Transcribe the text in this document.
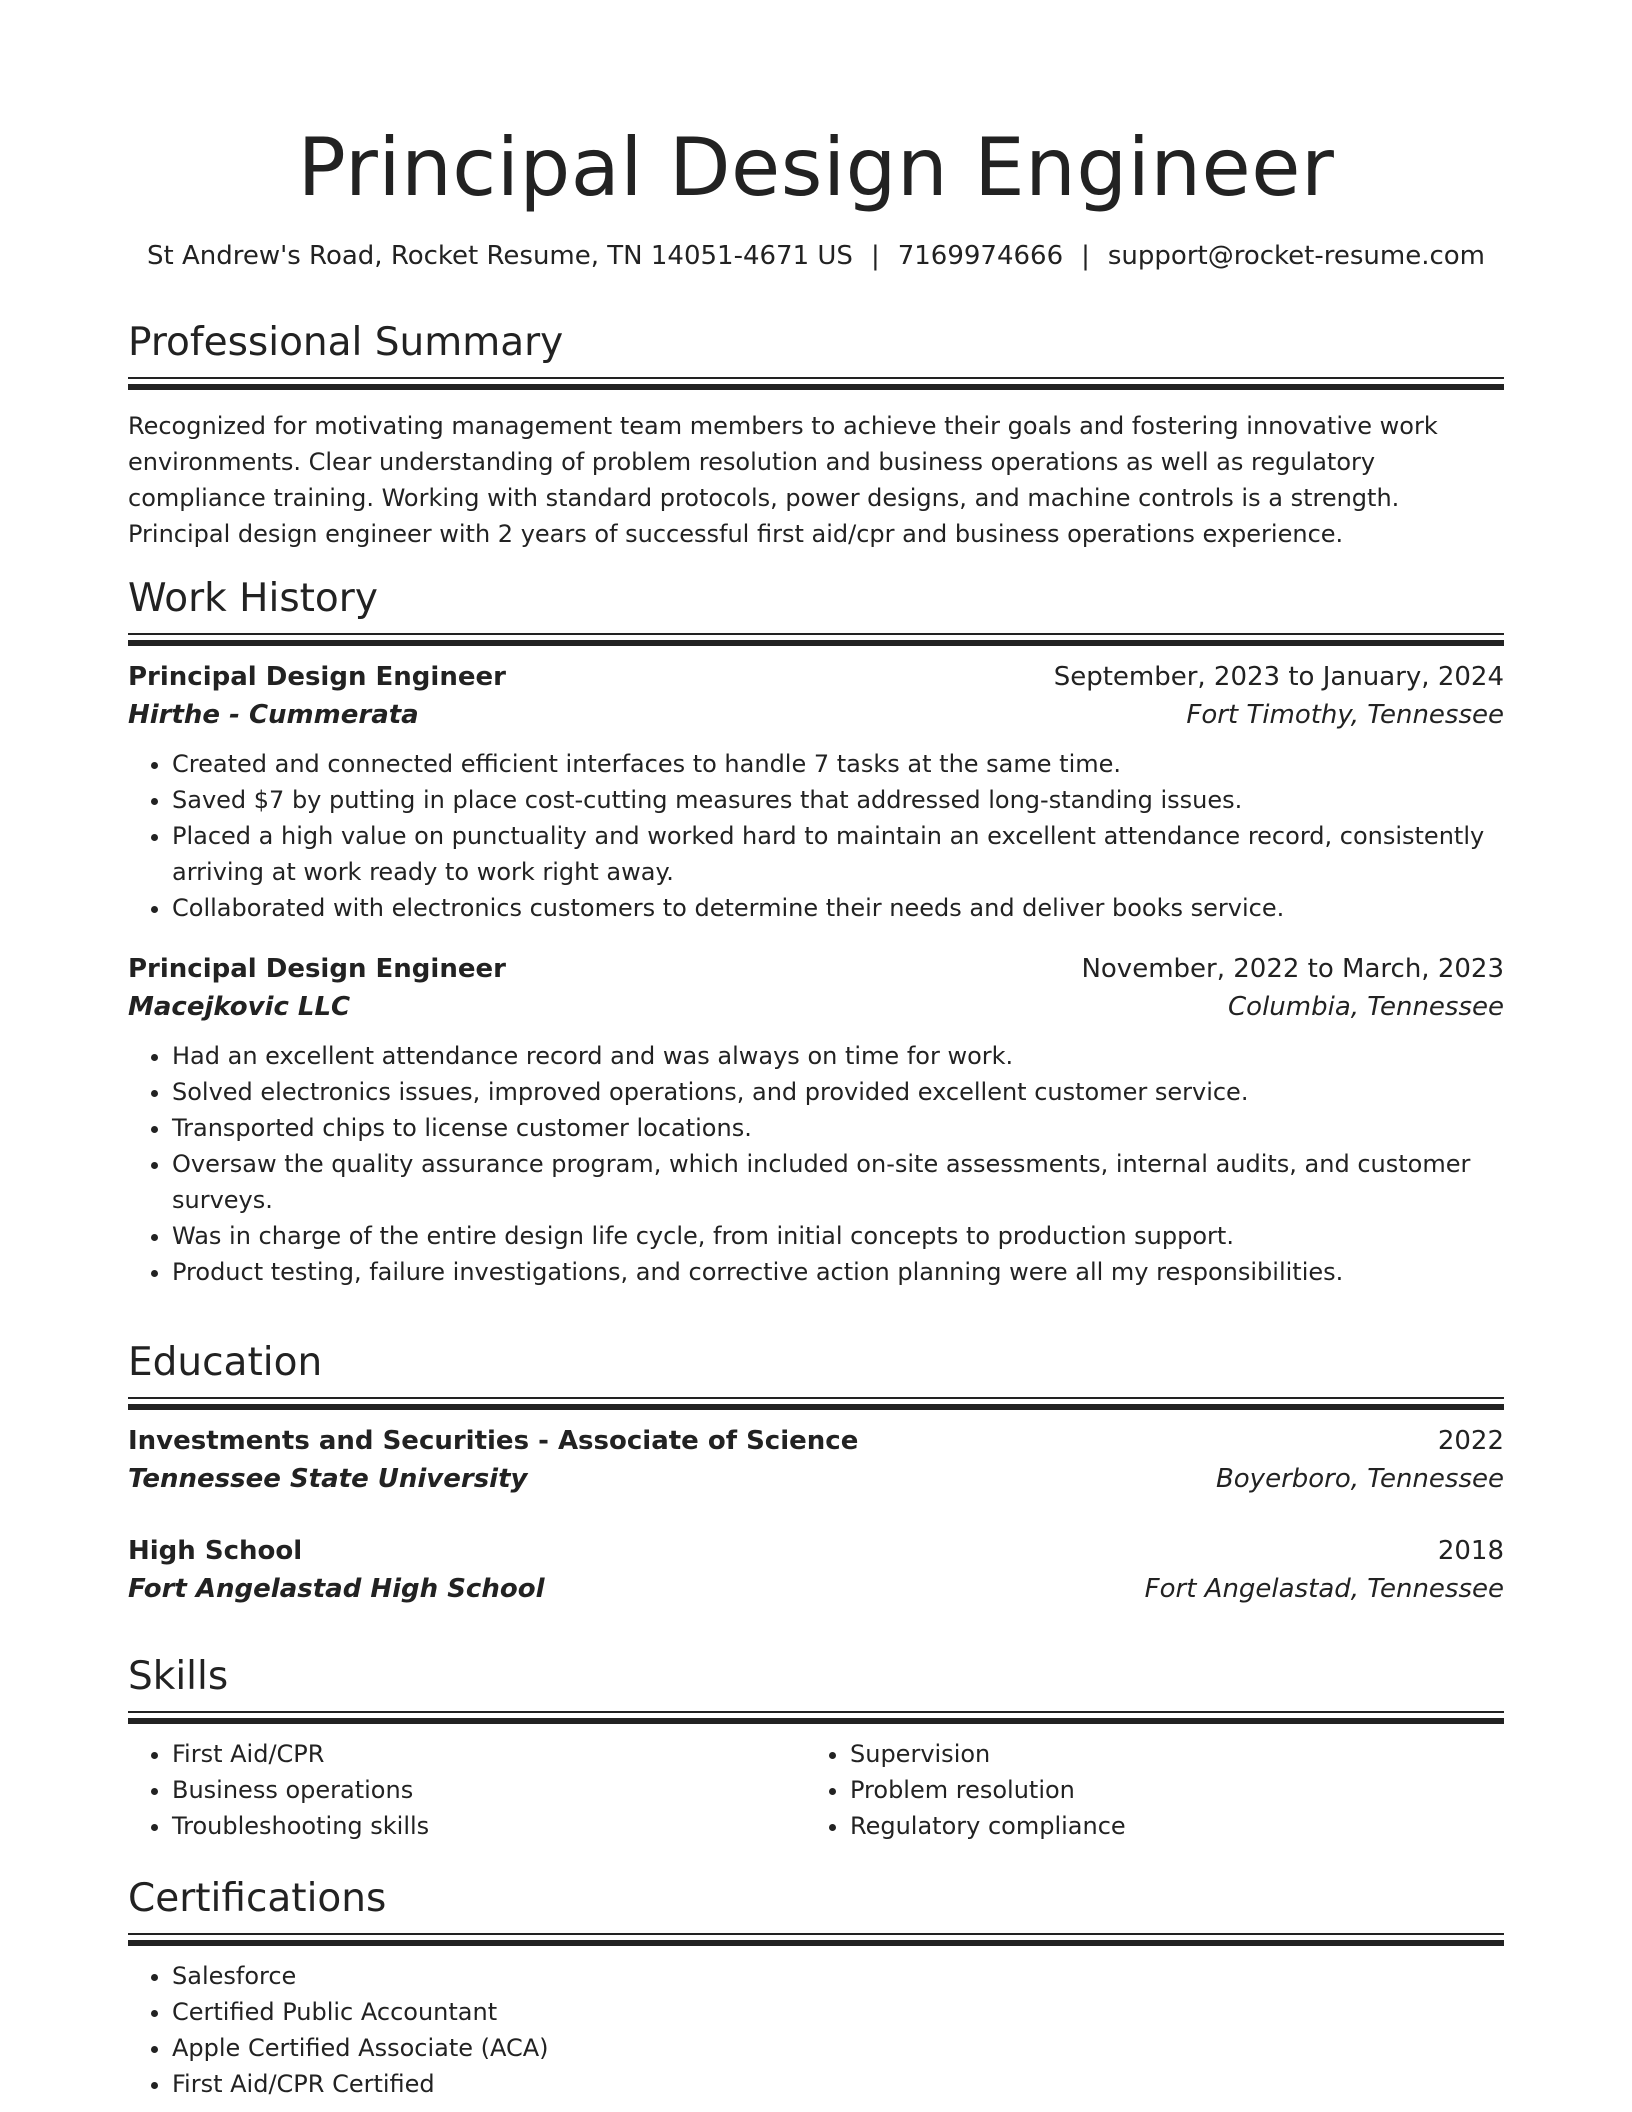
Principal Design Engineer
St Andrew's Road, Rocket Resume, TN 14051-4671 US | 7169974666 | support@rocket-resume.com
Professional Summary

Recognized for motivating management team members to achieve their goals and fostering innovative work environments. Clear understanding of problem resolution and business operations as well as regulatory compliance training. Working with standard protocols, power designs, and machine controls is a strength. Principal design engineer with 2 years of successful first aid/cpr and business operations experience.

Work History
Principal Design Engineer	September, 2023 to January, 2024
Hirthe - Cummerata	Fort Timothy, Tennessee
• Created and connected efficient interfaces to handle 7 tasks at the same time.
• Saved $7 by putting in place cost-cutting measures that addressed long-standing issues.
• Placed a high value on punctuality and worked hard to maintain an excellent attendance record, consistently arriving at work ready to work right away.
• Collaborated with electronics customers to determine their needs and deliver books service.
Principal Design Engineer	November, 2022 to March, 2023
Macejkovic LLC	Columbia, Tennessee
• Had an excellent attendance record and was always on time for work.
• Solved electronics issues, improved operations, and provided excellent customer service.
• Transported chips to license customer locations.
• Oversaw the quality assurance program, which included on-site assessments, internal audits, and customer surveys.
• Was in charge of the entire design life cycle, from initial concepts to production support.
• Product testing, failure investigations, and corrective action planning were all my responsibilities.
Education
Investments and Securities - Associate of Science	2022
Tennessee State University	Boyerboro, Tennessee
High School	2018
Fort Angelastad High School	Fort Angelastad, Tennessee
Skills
• First Aid/CPR
• Business operations
• Troubleshooting skills
• Supervision
• Problem resolution
• Regulatory compliance
Certifications
• Salesforce
• Certified Public Accountant
• Apple Certified Associate (ACA)
• First Aid/CPR Certified
